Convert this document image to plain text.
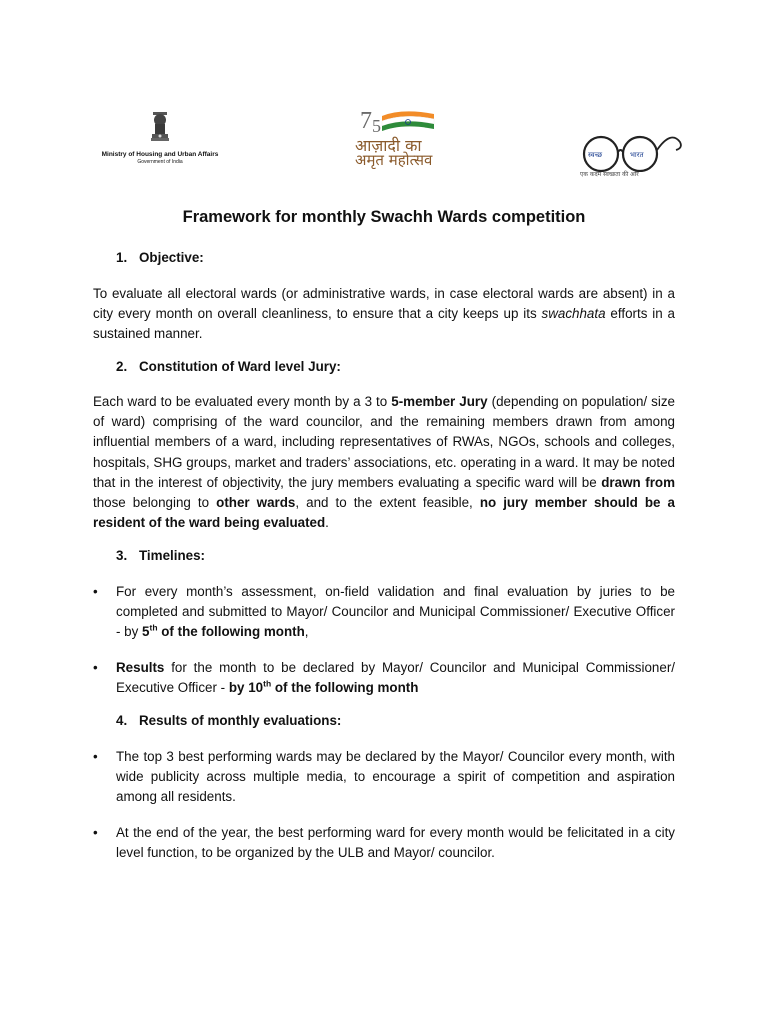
Ministry of Housing and Urban Affairs
Government of India
7 5
आज़ादी का
अमृत महोत्सव	स्वच्छ	भारत
एक कदम स्वच्छता की ओर
Framework for monthly Swachh Wards competition
1. Objective:
To evaluate all electoral wards (or administrative wards, in case electoral wards are absent) in a city every month on overall cleanliness, to ensure that a city keeps up its swachhata efforts in a sustained manner.
2. Constitution of Ward level Jury:
Each ward to be evaluated every month by a 3 to 5-member Jury (depending on population/ size of ward) comprising of the ward councilor, and the remaining members drawn from among influential members of a ward, including representatives of RWAs, NGOs, schools and colleges, hospitals, SHG groups, market and traders’ associations, etc. operating in a ward. It may be noted that in the interest of objectivity, the jury members evaluating a specific ward will be drawn from those belonging to other wards, and to the extent feasible, no jury member should be a resident of the ward being evaluated.
3. Timelines:
•	For every month’s assessment, on-field validation and final evaluation by juries to be completed and submitted to Mayor/ Councilor and Municipal Commissioner/ Executive Officer - by 5th of the following month,
•	Results for the month to be declared by Mayor/ Councilor and Municipal Commissioner/ Executive Officer - by 10th of the following month
4. Results of monthly evaluations:
•	The top 3 best performing wards may be declared by the Mayor/ Councilor every month, with wide publicity across multiple media, to encourage a spirit of competition and aspiration among all residents.
•	At the end of the year, the best performing ward for every month would be felicitated in a city level function, to be organized by the ULB and Mayor/ councilor.
